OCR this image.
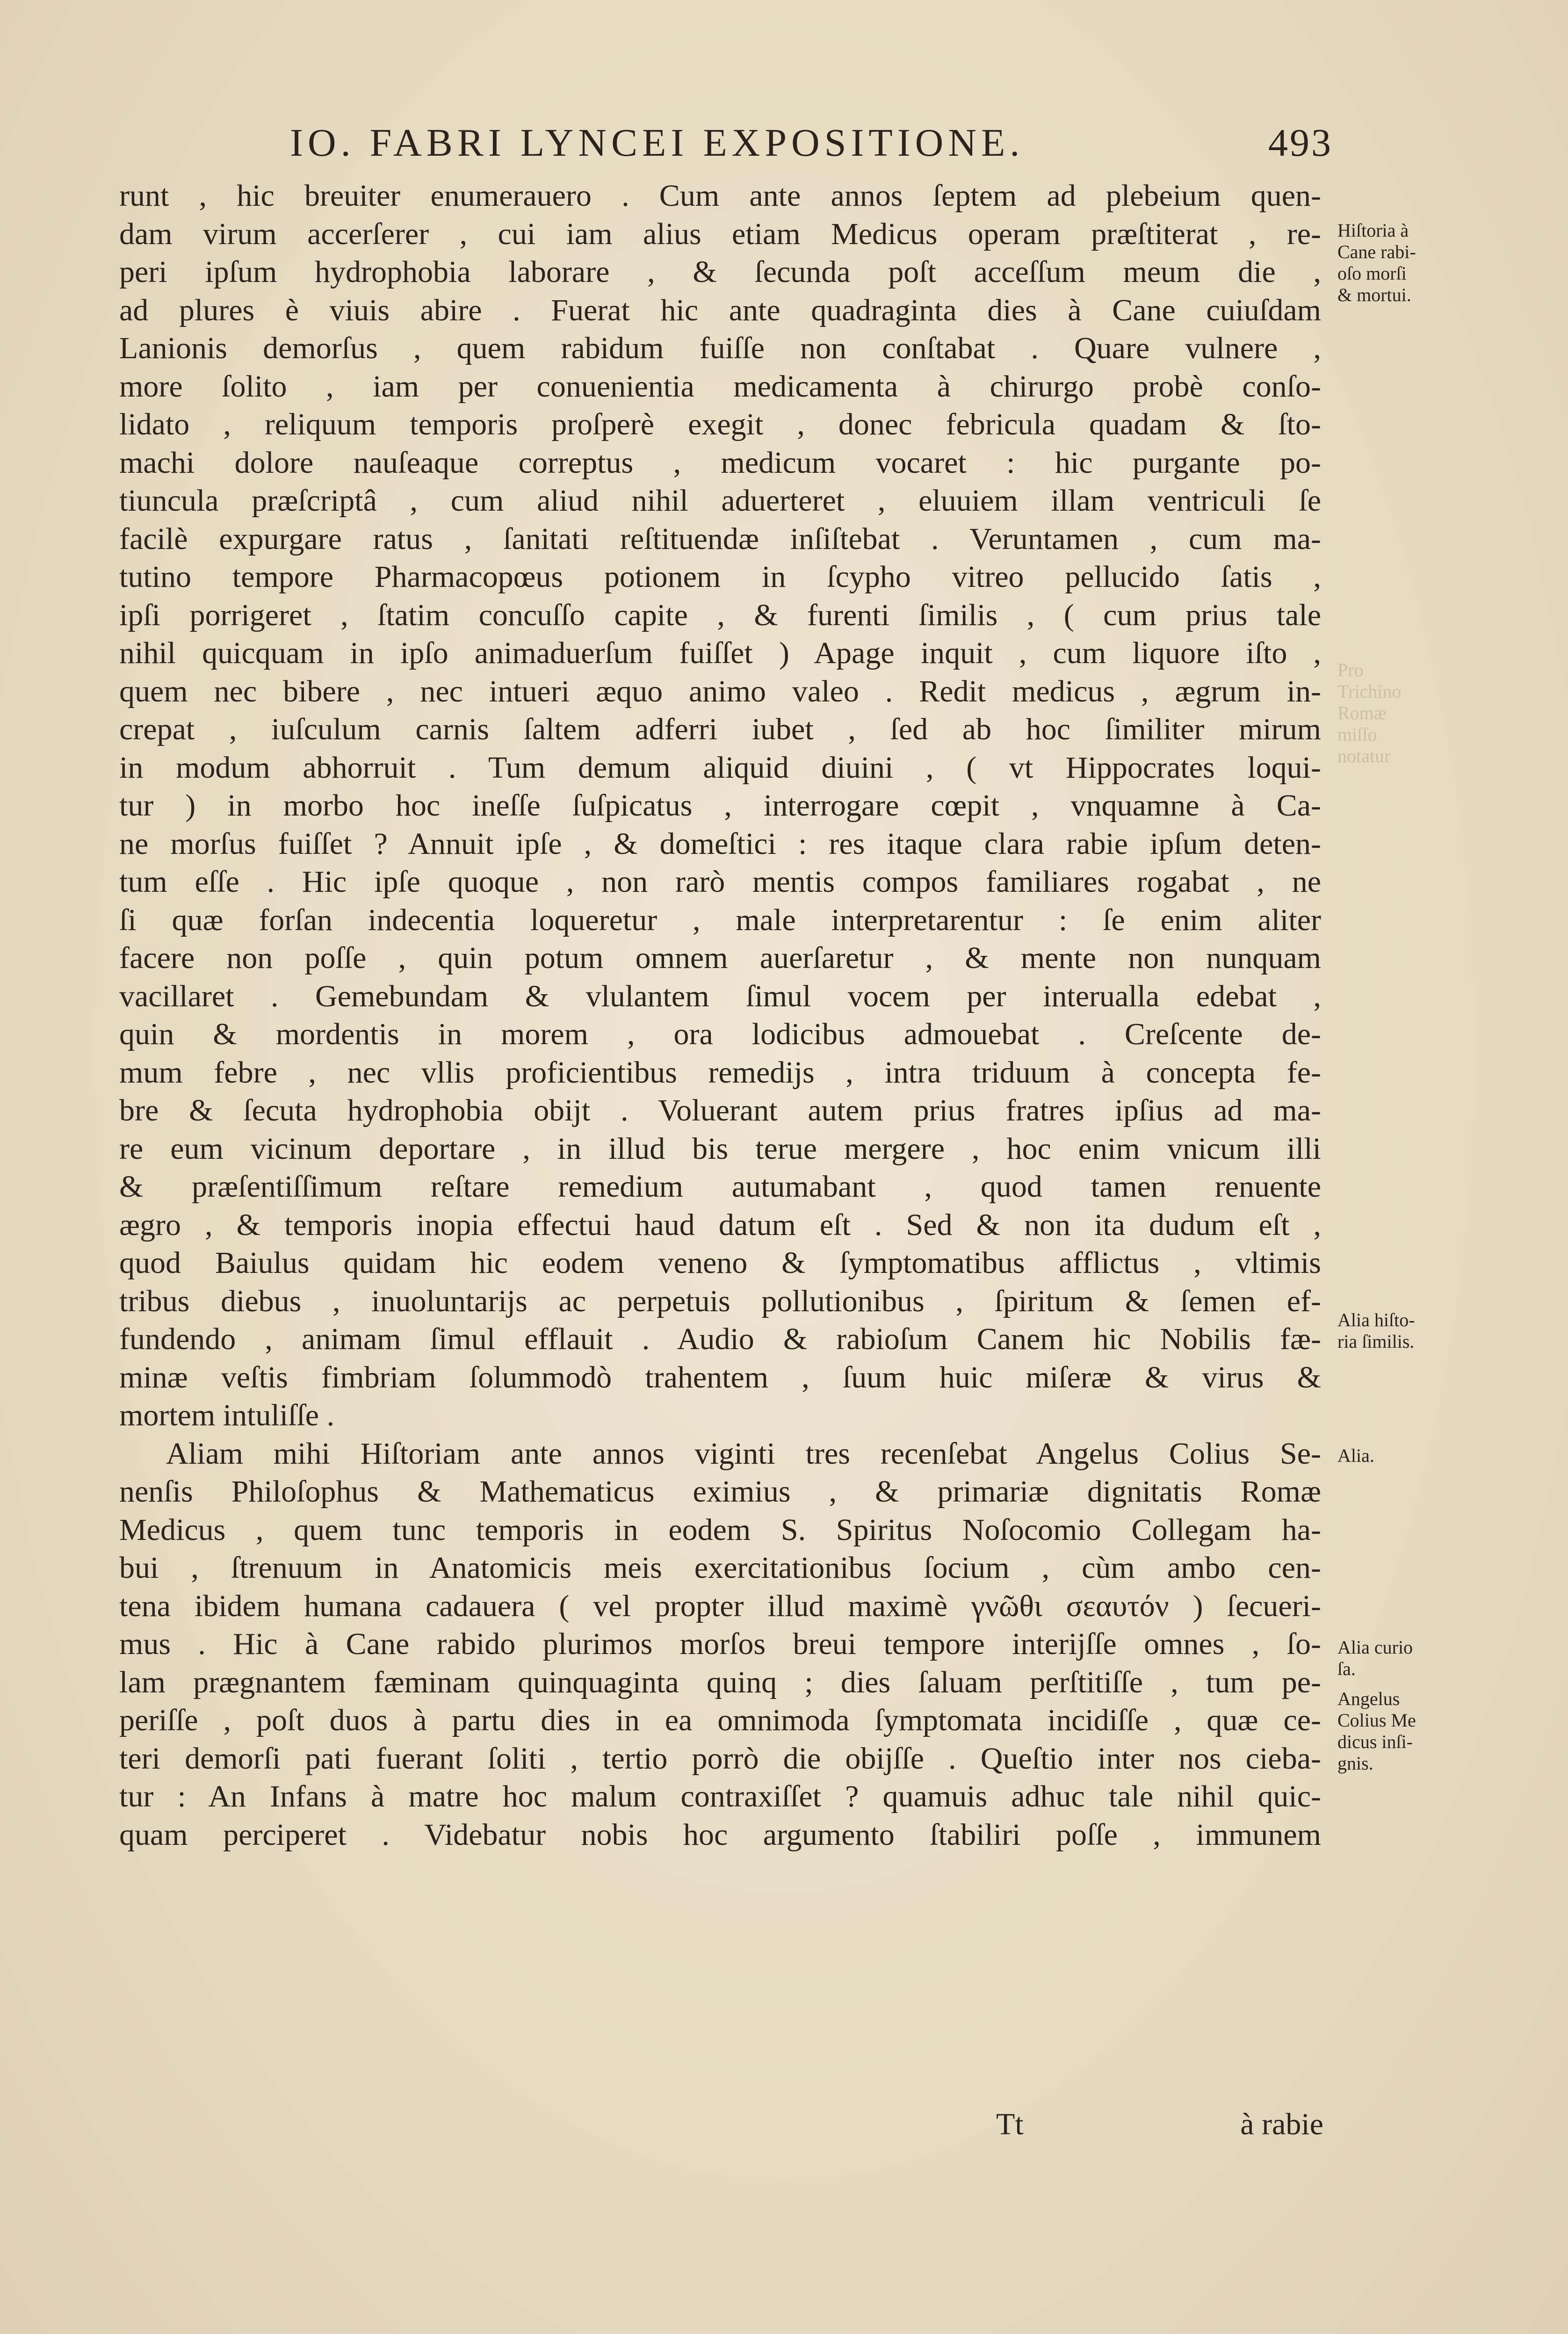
IO. FABRI LYNCEI EXPOSITIONE.	493
runt , hic breuiter enumerauero . Cum ante annos ſeptem ad plebeium quen-
dam virum accerſerer , cui iam alius etiam Medicus operam præſtiterat , re-
peri ipſum hydrophobia laborare , & ſecunda poſt acceſſum meum die ,
ad plures è viuis abire . Fuerat hic ante quadraginta dies à Cane cuiuſdam
Lanionis demorſus , quem rabidum fuiſſe non conſtabat . Quare vulnere ,
more ſolito , iam per conuenientia medicamenta à chirurgo probè conſo-
lidato , reliquum temporis proſperè exegit , donec febricula quadam & ſto-
machi dolore nauſeaque correptus , medicum vocaret : hic purgante po-
tiuncula præſcriptâ , cum aliud nihil aduerteret , eluuiem illam ventriculi ſe
facilè expurgare ratus , ſanitati reſtituendæ inſiſtebat . Veruntamen , cum ma-
tutino tempore Pharmacopœus potionem in ſcypho vitreo pellucido ſatis ,
ipſi porrigeret , ſtatim concuſſo capite , & furenti ſimilis , ( cum prius tale
nihil quicquam in ipſo animaduerſum fuiſſet ) Apage inquit , cum liquore iſto ,
quem nec bibere , nec intueri æquo animo valeo . Redit medicus , ægrum in-
crepat , iuſculum carnis ſaltem adferri iubet , ſed ab hoc ſimiliter mirum
in modum abhorruit . Tum demum aliquid diuini , ( vt Hippocrates loqui-
tur ) in morbo hoc ineſſe ſuſpicatus , interrogare cœpit , vnquamne à Ca-
ne morſus fuiſſet ? Annuit ipſe , & domeſtici : res itaque clara rabie ipſum deten-
tum eſſe . Hic ipſe quoque , non rarò mentis compos familiares rogabat , ne
ſi quæ forſan indecentia loqueretur , male interpretarentur : ſe enim aliter
facere non poſſe , quin potum omnem auerſaretur , & mente non nunquam
vacillaret . Gemebundam & vlulantem ſimul vocem per interualla edebat ,
quin & mordentis in morem , ora lodicibus admouebat . Creſcente de-
mum febre , nec vllis proficientibus remedijs , intra triduum à concepta fe-
bre & ſecuta hydrophobia obijt . Voluerant autem prius fratres ipſius ad ma-
re eum vicinum deportare , in illud bis terue mergere , hoc enim vnicum illi
& præſentiſſimum reſtare remedium autumabant , quod tamen renuente
ægro , & temporis inopia effectui haud datum eſt . Sed & non ita dudum eſt ,
quod Baiulus quidam hic eodem veneno & ſymptomatibus afflictus , vltimis
tribus diebus , inuoluntarijs ac perpetuis pollutionibus , ſpiritum & ſemen ef-
fundendo , animam ſimul efflauit . Audio & rabioſum Canem hic Nobilis fæ-
minæ veſtis fimbriam ſolummodò trahentem , ſuum huic miſeræ & virus &
mortem intuliſſe .
Aliam mihi Hiſtoriam ante annos viginti tres recenſebat Angelus Colius Se-
nenſis Philoſophus & Mathematicus eximius , & primariæ dignitatis Romæ
Medicus , quem tunc temporis in eodem S. Spiritus Noſocomio Collegam ha-
bui , ſtrenuum in Anatomicis meis exercitationibus ſocium , cùm ambo cen-
tena ibidem humana cadauera ( vel propter illud maximè γνῶθι σεαυτόν ) ſecueri-
mus . Hic à Cane rabido plurimos morſos breui tempore interijſſe omnes , ſo-
lam prægnantem fæminam quinquaginta quinq ; dies ſaluam perſtitiſſe , tum pe-
periſſe , poſt duos à partu dies in ea omnimoda ſymptomata incidiſſe , quæ ce-
teri demorſi pati fuerant ſoliti , tertio porrò die obijſſe . Queſtio inter nos cieba-
tur : An Infans à matre hoc malum contraxiſſet ? quamuis adhuc tale nihil quic-
quam perciperet . Videbatur nobis hoc argumento ſtabiliri poſſe , immunem
Hiſtoria à
Cane rabi-
oſo morſi
& mortui.
Pro
Trichino
Romæ
miſſo
notatur
Alia hiſto-
ria ſimilis.
Alia.
Alia curio
ſa.
Angelus
Colius Me
dicus inſi-
gnis.
Tt	à rabie
